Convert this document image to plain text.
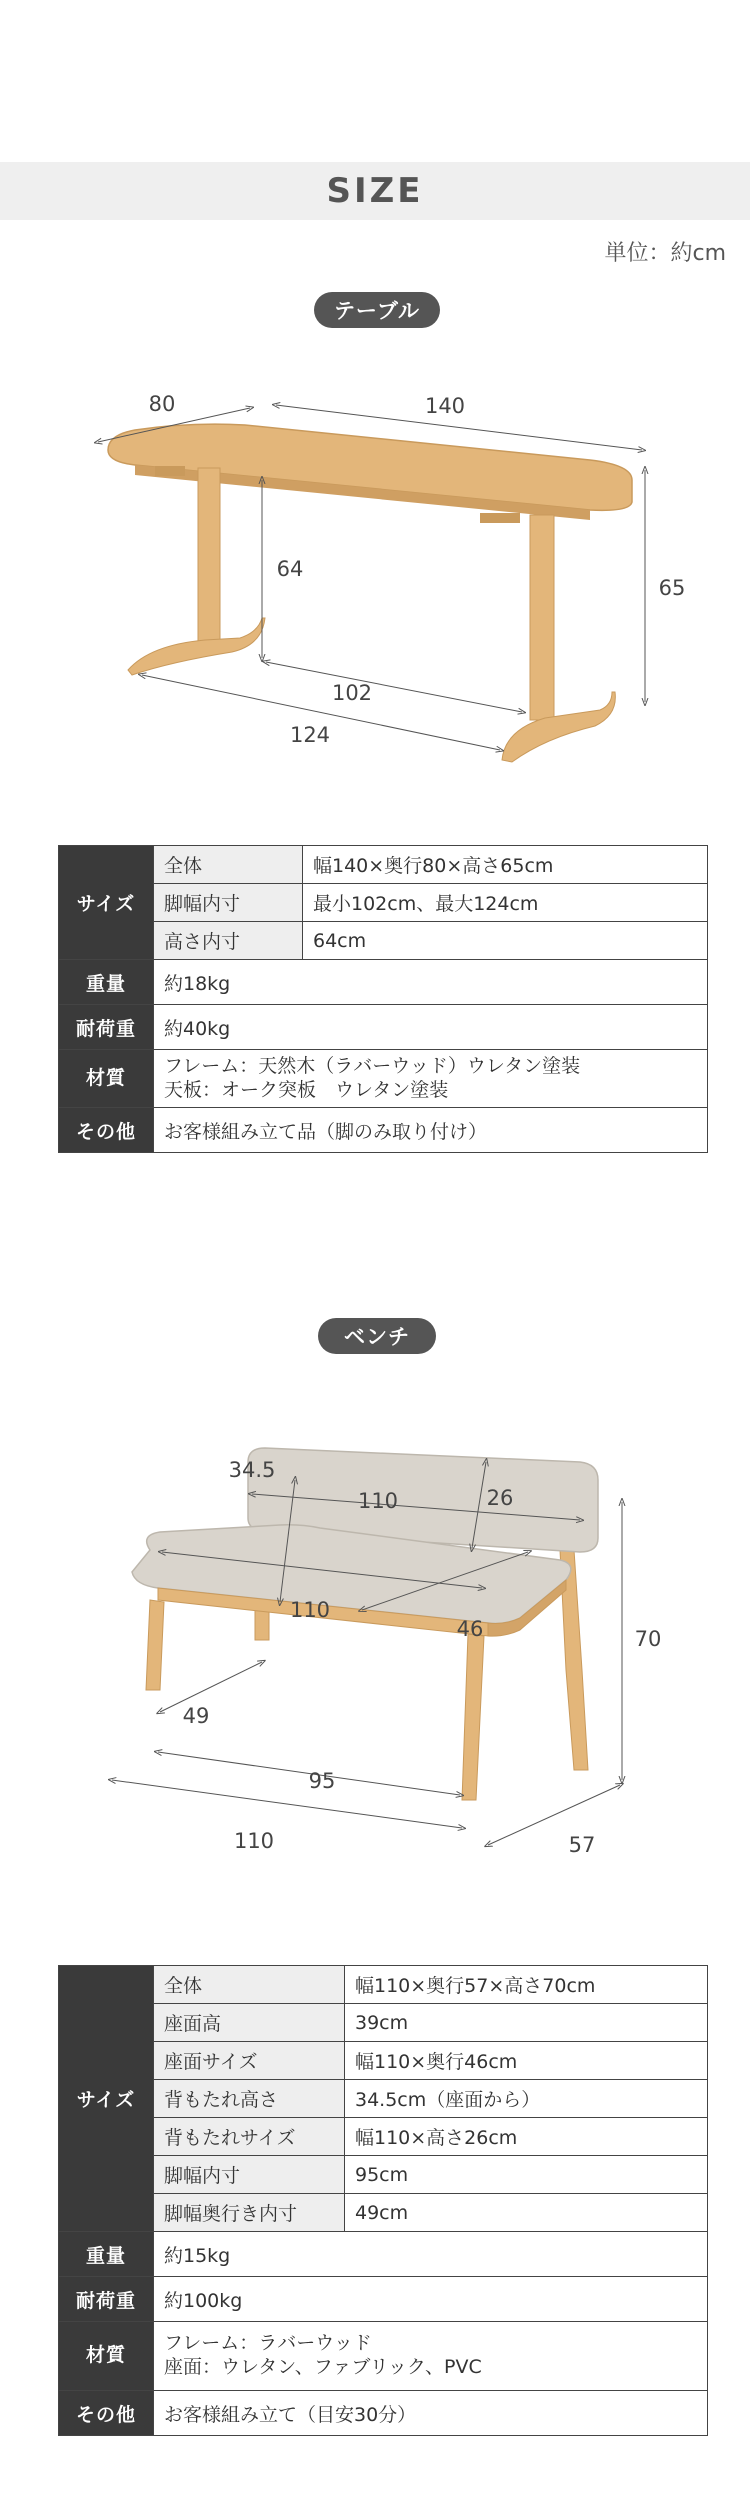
SIZE
単位：約cm
テーブル
80	140
65
64
102
124
サイズ	全体	幅140×奥行80×高さ65cm
	脚幅内寸	最小102cm、最大124cm
	高さ内寸	64cm
重量	約18kg	
耐荷重	約40kg	
材質	フレーム：天然木（ラバーウッド）ウレタン塗装
天板：オーク突板　ウレタン塗装	

その他	お客様組み立て品（脚のみ取り付け）	
ベンチ
34.5
110	26
110
46	70
49
95
110	57
サイズ	全体	幅110×奥行57×高さ70cm
	座面高	39cm
	座面サイズ	幅110×奥行46cm
	背もたれ高さ	34.5cm（座面から）
	背もたれサイズ	幅110×高さ26cm
	脚幅内寸	95cm
	脚幅奥行き内寸	49cm
重量	約15kg	
耐荷重	約100kg	
材質	フレーム：ラバーウッド
座面：ウレタン、ファブリック、PVC	

その他	お客様組み立て（目安30分）	
